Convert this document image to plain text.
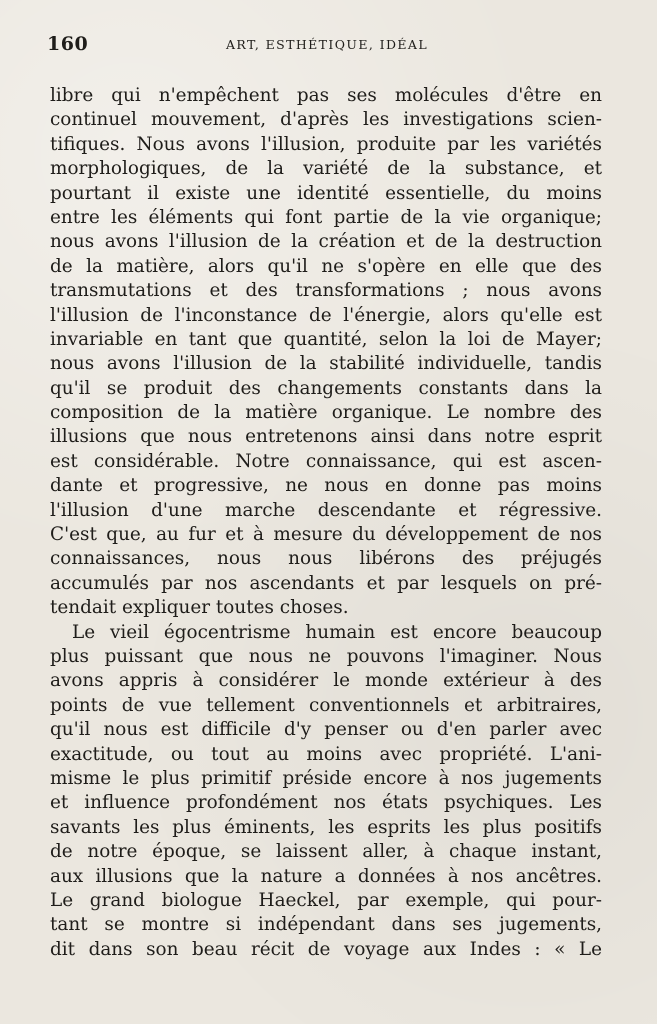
160	ART, ESTHÉTIQUE, IDÉAL
libre qui n'empêchent pas ses molécules d'être en
continuel mouvement, d'après les investigations scien-
tifiques. Nous avons l'illusion, produite par les variétés
morphologiques, de la variété de la substance, et
pourtant il existe une identité essentielle, du moins
entre les éléments qui font partie de la vie organique;
nous avons l'illusion de la création et de la destruction
de la matière, alors qu'il ne s'opère en elle que des
transmutations et des transformations ; nous avons
l'illusion de l'inconstance de l'énergie, alors qu'elle est
invariable en tant que quantité, selon la loi de Mayer;
nous avons l'illusion de la stabilité individuelle, tandis
qu'il se produit des changements constants dans la
composition de la matière organique. Le nombre des
illusions que nous entretenons ainsi dans notre esprit
est considérable. Notre connaissance, qui est ascen-
dante et progressive, ne nous en donne pas moins
l'illusion d'une marche descendante et régressive.
C'est que, au fur et à mesure du développement de nos
connaissances, nous nous libérons des préjugés
accumulés par nos ascendants et par lesquels on pré-
tendait expliquer toutes choses.
Le vieil égocentrisme humain est encore beaucoup
plus puissant que nous ne pouvons l'imaginer. Nous
avons appris à considérer le monde extérieur à des
points de vue tellement conventionnels et arbitraires,
qu'il nous est difficile d'y penser ou d'en parler avec
exactitude, ou tout au moins avec propriété. L'ani-
misme le plus primitif préside encore à nos jugements
et influence profondément nos états psychiques. Les
savants les plus éminents, les esprits les plus positifs
de notre époque, se laissent aller, à chaque instant,
aux illusions que la nature a données à nos ancêtres.
Le grand biologue Haeckel, par exemple, qui pour-
tant se montre si indépendant dans ses jugements,
dit dans son beau récit de voyage aux Indes : « Le
